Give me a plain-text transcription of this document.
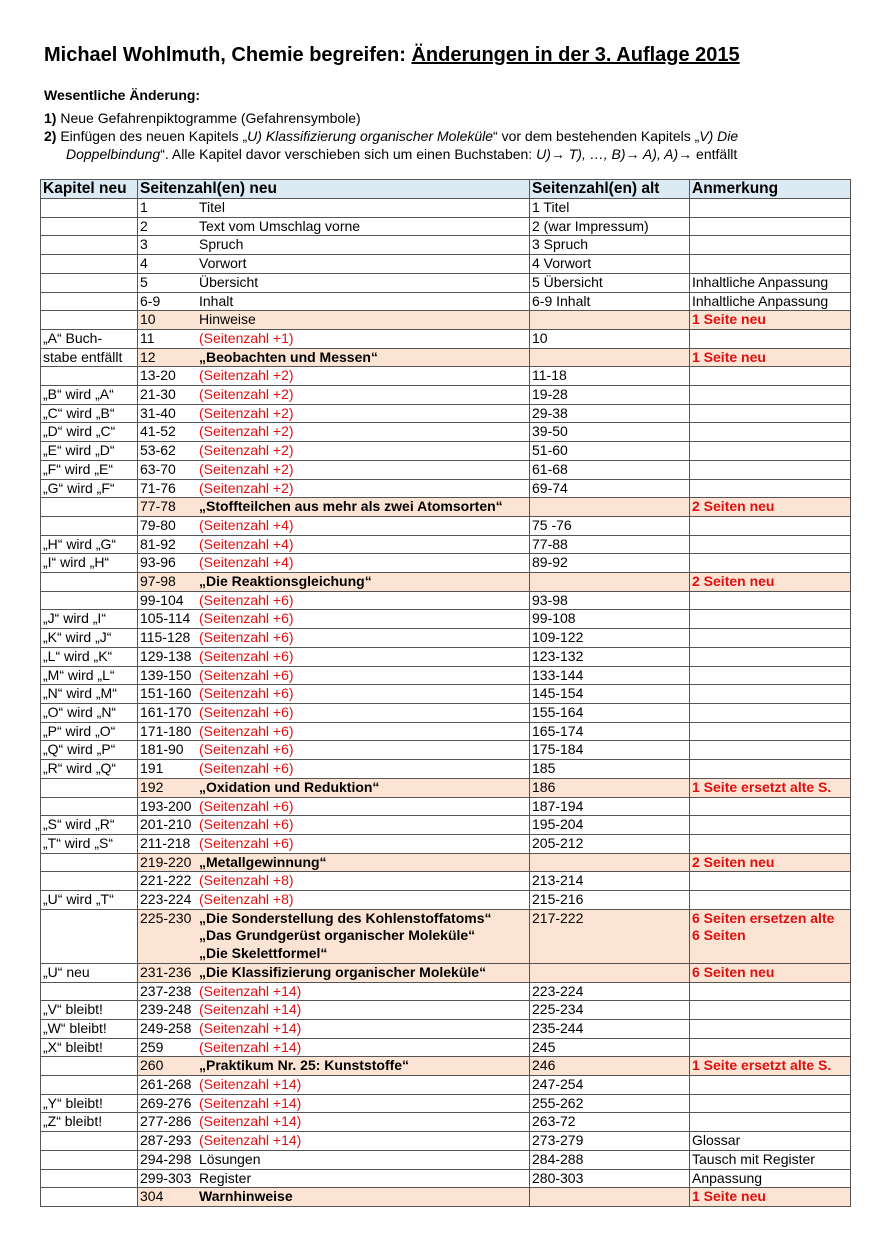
Michael Wohlmuth, Chemie begreifen: Änderungen in der 3. Auflage 2015
Wesentliche Änderung:
1) Neue Gefahrenpiktogramme (Gefahrensymbole)
2) Einfügen des neuen Kapitels „U) Klassifizierung organischer Moleküle“ vor dem bestehenden Kapitels „V) Die
Doppelbindung“. Alle Kapitel davor verschieben sich um einen Buchstaben: U)→ T), …, B)→ A), A)→ entfällt
Kapitel neu	Seitenzahl(en) neu	Seitenzahl(en) alt	Anmerkung
	1 Titel	1 Titel	
	2 Text vom Umschlag vorne	2 (war Impressum)	
	3 Spruch	3 Spruch	
	4 Vorwort	4 Vorwort	
	5 Übersicht	5 Übersicht	Inhaltliche Anpassung
	6-9 Inhalt	6-9 Inhalt	Inhaltliche Anpassung
	10 Hinweise		1 Seite neu
„A“ Buch-	11 (Seitenzahl +1)	10	
stabe entfällt	12 „Beobachten und Messen“		1 Seite neu
	13-20 (Seitenzahl +2)	11-18	
„B“ wird „A“	21-30 (Seitenzahl +2)	19-28	
„C“ wird „B“	31-40 (Seitenzahl +2)	29-38	
„D“ wird „C“	41-52 (Seitenzahl +2)	39-50	
„E“ wird „D“	53-62 (Seitenzahl +2)	51-60	
„F“ wird „E“	63-70 (Seitenzahl +2)	61-68	
„G“ wird „F“	71-76 (Seitenzahl +2)	69-74	
	77-78 „Stoffteilchen aus mehr als zwei Atomsorten“		2 Seiten neu
	79-80 (Seitenzahl +4)	75 -76	
„H“ wird „G“	81-92 (Seitenzahl +4)	77-88	
„I“ wird „H“	93-96 (Seitenzahl +4)	89-92	
	97-98 „Die Reaktionsgleichung“		2 Seiten neu
	99-104 (Seitenzahl +6)	93-98	
„J“ wird „I“	105-114 (Seitenzahl +6)	99-108	
„K“ wird „J“	115-128 (Seitenzahl +6)	109-122	
„L“ wird „K“	129-138 (Seitenzahl +6)	123-132	
„M“ wird „L“	139-150 (Seitenzahl +6)	133-144	
„N“ wird „M“	151-160 (Seitenzahl +6)	145-154	
„O“ wird „N“	161-170 (Seitenzahl +6)	155-164	
„P“ wird „O“	171-180 (Seitenzahl +6)	165-174	
„Q“ wird „P“	181-90 (Seitenzahl +6)	175-184	
„R“ wird „Q“	191 (Seitenzahl +6)	185	
	192 „Oxidation und Reduktion“	186	1 Seite ersetzt alte S.
	193-200 (Seitenzahl +6)	187-194	
„S“ wird „R“	201-210 (Seitenzahl +6)	195-204	
„T“ wird „S“	211-218 (Seitenzahl +6)	205-212	
	219-220 „Metallgewinnung“		2 Seiten neu
	221-222 (Seitenzahl +8)	213-214	
„U“ wird „T“	223-224 (Seitenzahl +8)	215-216	
	225-230 „Die Sonderstellung des Kohlenstoffatoms“
„Das Grundgerüst organischer Moleküle“
„Die Skelettformel“	217-222	6 Seiten ersetzen alte
6 Seiten

„U“ neu	231-236 „Die Klassifizierung organischer Moleküle“		6 Seiten neu
	237-238 (Seitenzahl +14)	223-224	
„V“ bleibt!	239-248 (Seitenzahl +14)	225-234	
„W“ bleibt!	249-258 (Seitenzahl +14)	235-244	
„X“ bleibt!	259 (Seitenzahl +14)	245	
	260 „Praktikum Nr. 25: Kunststoffe“	246	1 Seite ersetzt alte S.
	261-268 (Seitenzahl +14)	247-254	
„Y“ bleibt!	269-276 (Seitenzahl +14)	255-262	
„Z“ bleibt!	277-286 (Seitenzahl +14)	263-72	
	287-293 (Seitenzahl +14)	273-279	Glossar
	294-298 Lösungen	284-288	Tausch mit Register
	299-303 Register	280-303	Anpassung
	304 Warnhinweise		1 Seite neu
